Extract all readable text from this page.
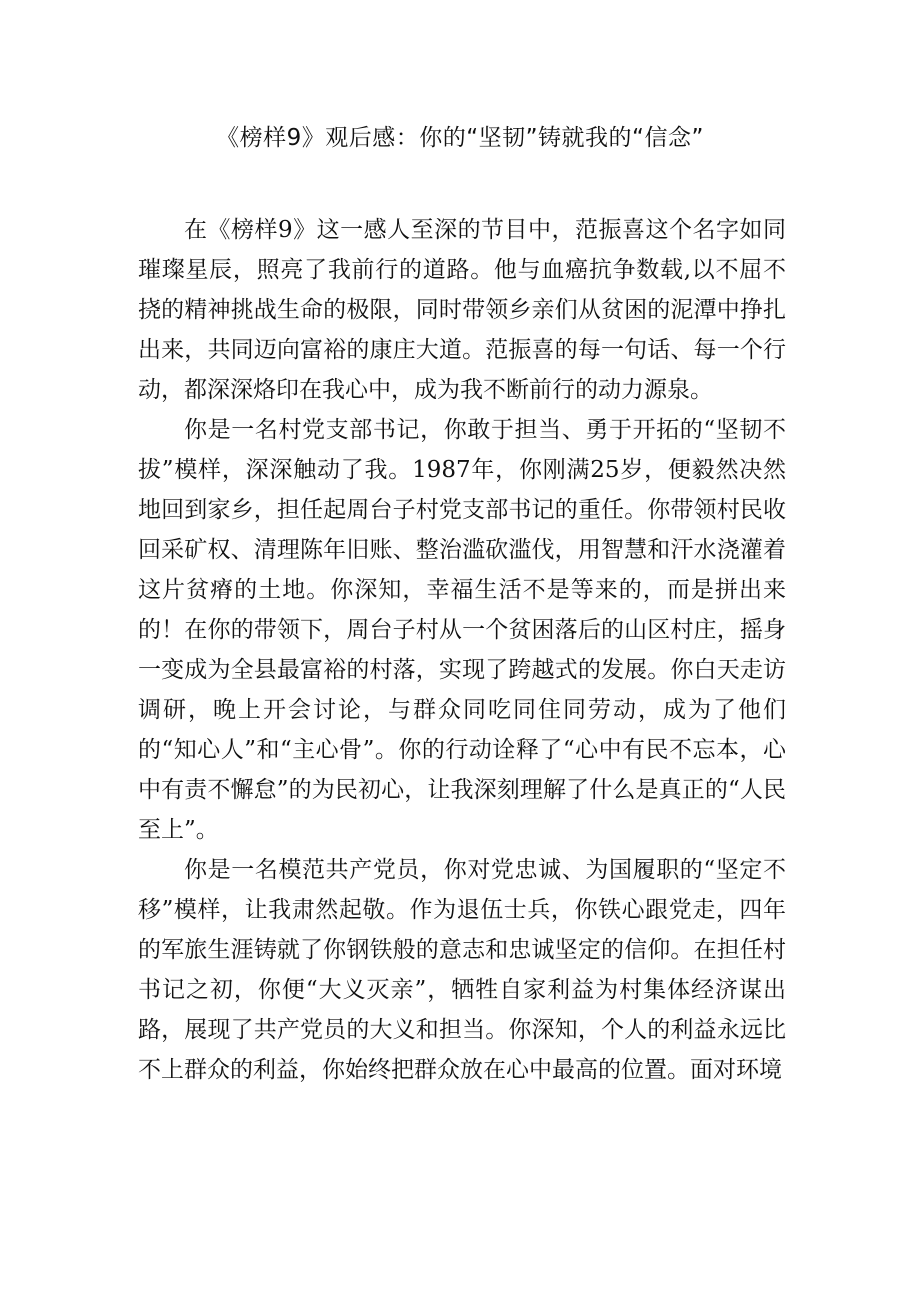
《榜样9》观后感：你的“坚韧”铸就我的“信念”

在《榜样9》这一感人至深的节目中，范振喜这个名字如同璀璨星辰，照亮了我前行的道路。他与血癌抗争数载,以不屈不挠的精神挑战生命的极限，同时带领乡亲们从贫困的泥潭中挣扎出来，共同迈向富裕的康庄大道。范振喜的每一句话、每一个行动，都深深烙印在我心中，成为我不断前行的动力源泉。

你是一名村党支部书记，你敢于担当、勇于开拓的“坚韧不拔”模样，深深触动了我。1987年，你刚满25岁，便毅然决然地回到家乡，担任起周台子村党支部书记的重任。你带领村民收回采矿权、清理陈年旧账、整治滥砍滥伐，用智慧和汗水浇灌着这片贫瘠的土地。你深知，幸福生活不是等来的，而是拼出来的！在你的带领下，周台子村从一个贫困落后的山区村庄，摇身一变成为全县最富裕的村落，实现了跨越式的发展。你白天走访调研，晚上开会讨论，与群众同吃同住同劳动，成为了他们的“知心人”和“主心骨”。你的行动诠释了“心中有民不忘本，心中有责不懈怠”的为民初心，让我深刻理解了什么是真正的“人民至上”。

你是一名模范共产党员，你对党忠诚、为国履职的“坚定不移”模样，让我肃然起敬。作为退伍士兵，你铁心跟党走，四年的军旅生涯铸就了你钢铁般的意志和忠诚坚定的信仰。在担任村书记之初，你便“大义灭亲”，牺牲自家利益为村集体经济谋出路，展现了共产党员的大义和担当。你深知，个人的利益永远比不上群众的利益，你始终把群众放在心中最高的位置。面对环境
